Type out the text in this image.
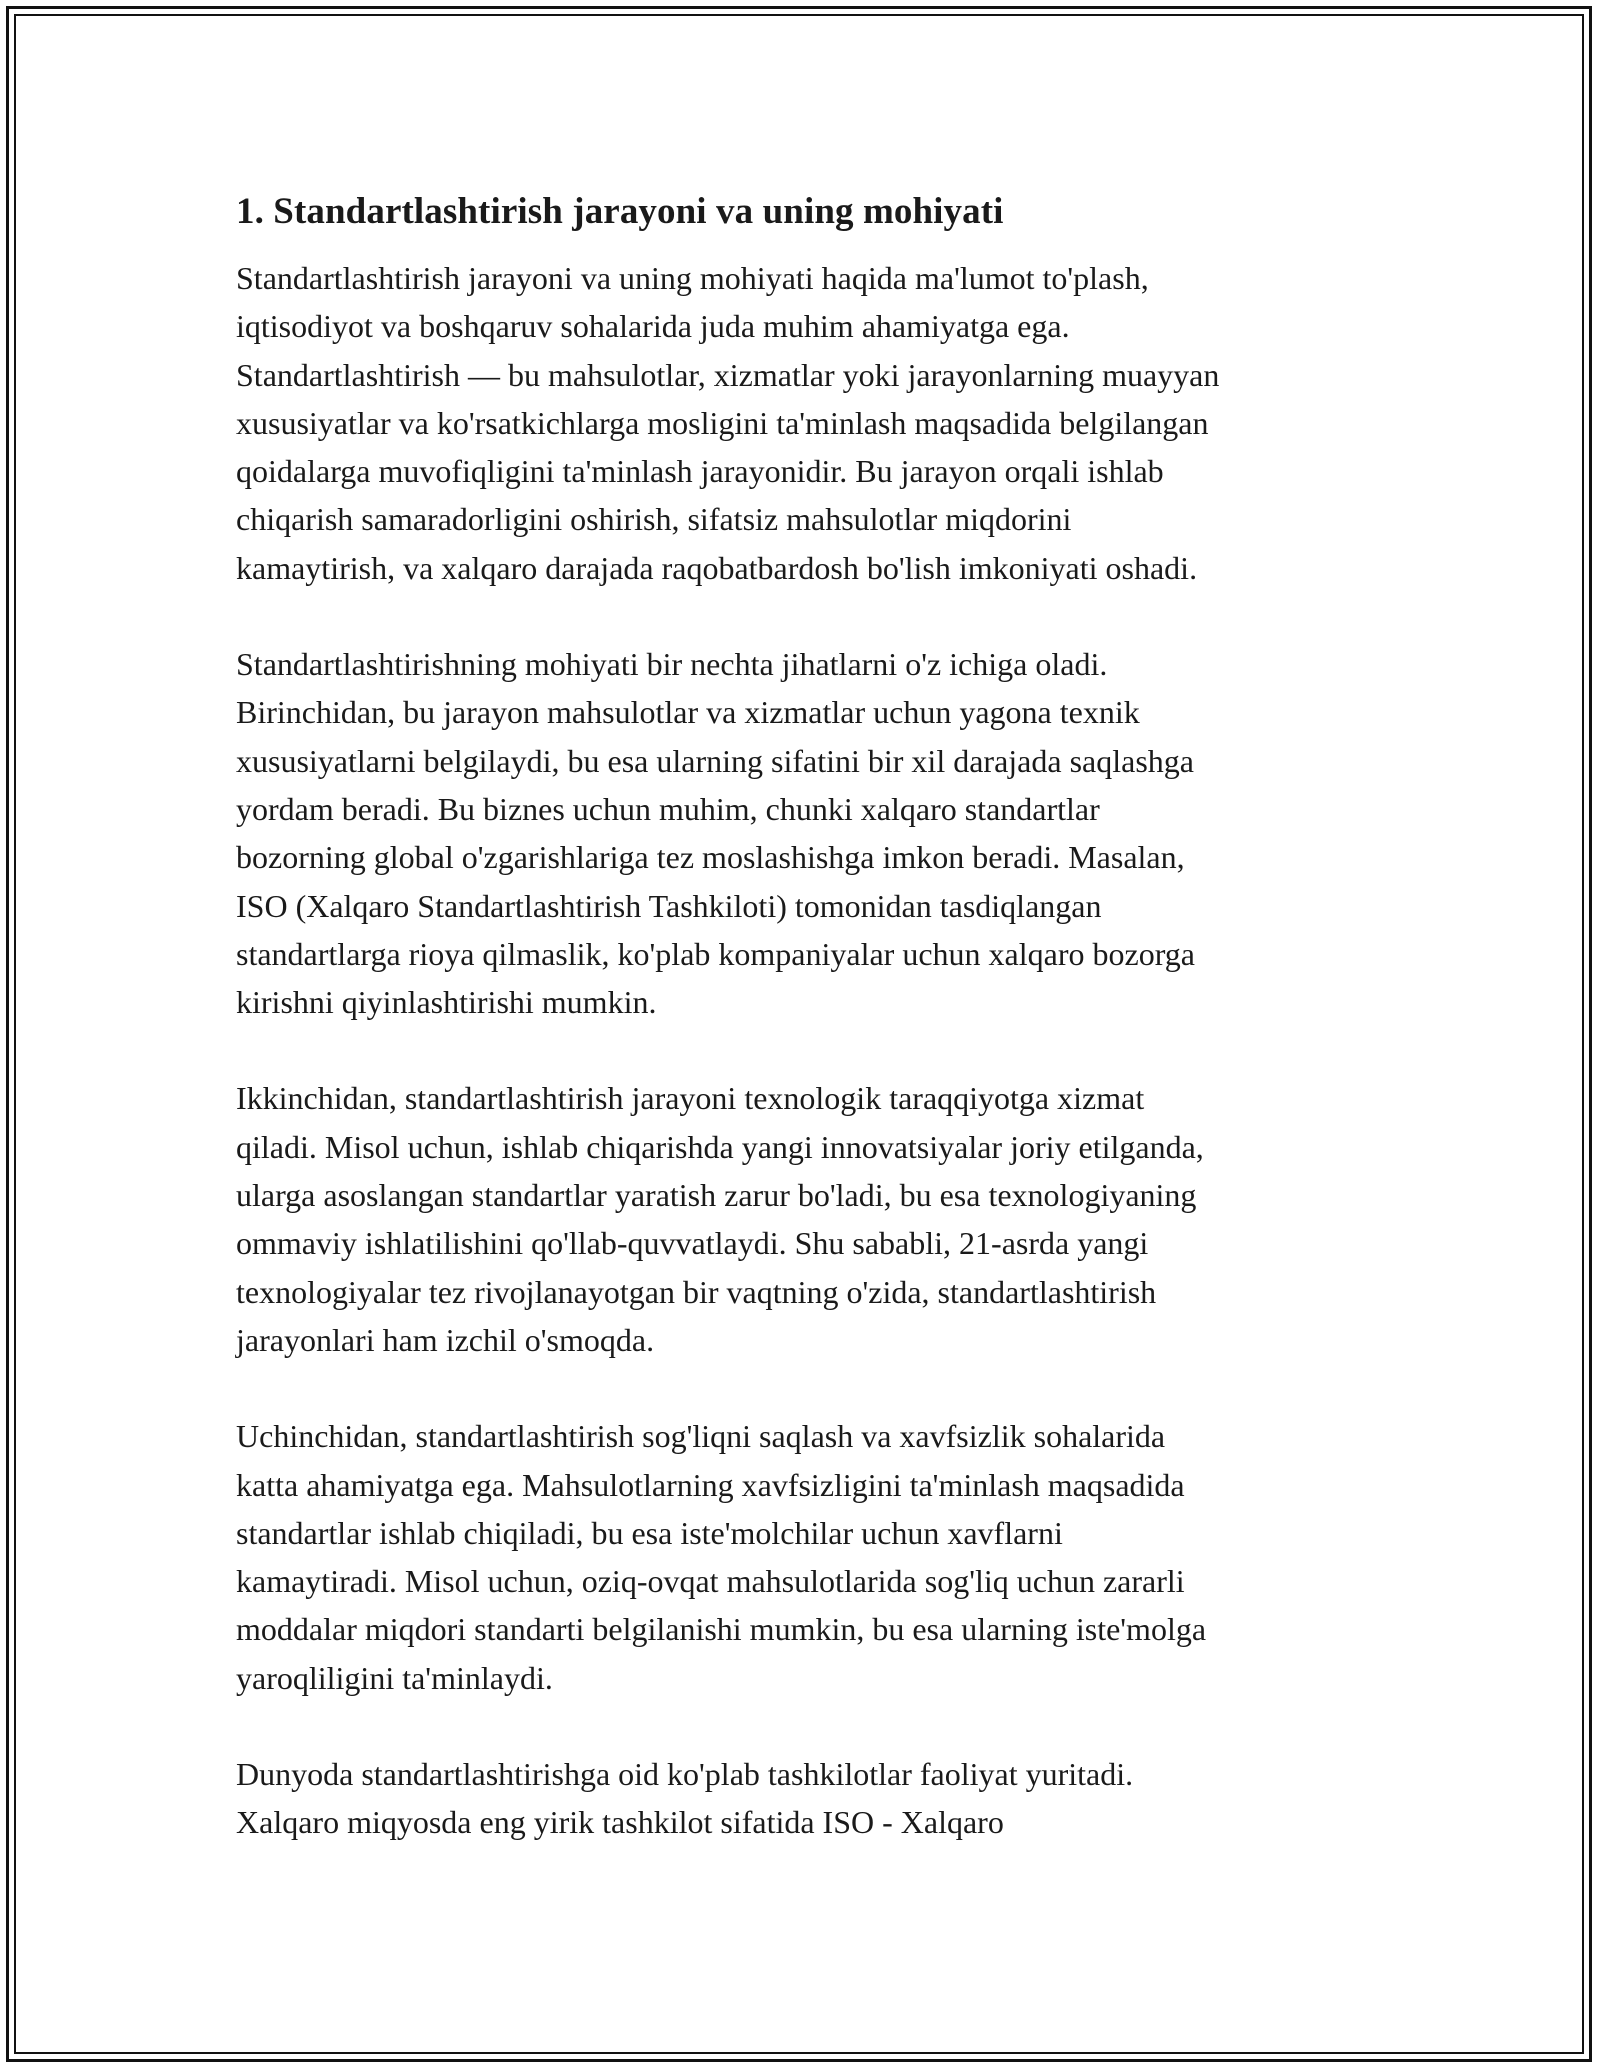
1. Standartlashtirish jarayoni va uning mohiyati
Standartlashtirish jarayoni va uning mohiyati haqida ma'lumot to'plash,
iqtisodiyot va boshqaruv sohalarida juda muhim ahamiyatga ega.
Standartlashtirish — bu mahsulotlar, xizmatlar yoki jarayonlarning muayyan
xususiyatlar va ko'rsatkichlarga mosligini ta'minlash maqsadida belgilangan
qoidalarga muvofiqligini ta'minlash jarayonidir. Bu jarayon orqali ishlab
chiqarish samaradorligini oshirish, sifatsiz mahsulotlar miqdorini
kamaytirish, va xalqaro darajada raqobatbardosh bo'lish imkoniyati oshadi.
Standartlashtirishning mohiyati bir nechta jihatlarni o'z ichiga oladi.
Birinchidan, bu jarayon mahsulotlar va xizmatlar uchun yagona texnik
xususiyatlarni belgilaydi, bu esa ularning sifatini bir xil darajada saqlashga
yordam beradi. Bu biznes uchun muhim, chunki xalqaro standartlar
bozorning global o'zgarishlariga tez moslashishga imkon beradi. Masalan,
ISO (Xalqaro Standartlashtirish Tashkiloti) tomonidan tasdiqlangan
standartlarga rioya qilmaslik, ko'plab kompaniyalar uchun xalqaro bozorga
kirishni qiyinlashtirishi mumkin.
Ikkinchidan, standartlashtirish jarayoni texnologik taraqqiyotga xizmat
qiladi. Misol uchun, ishlab chiqarishda yangi innovatsiyalar joriy etilganda,
ularga asoslangan standartlar yaratish zarur bo'ladi, bu esa texnologiyaning
ommaviy ishlatilishini qo'llab-quvvatlaydi. Shu sababli, 21-asrda yangi
texnologiyalar tez rivojlanayotgan bir vaqtning o'zida, standartlashtirish
jarayonlari ham izchil o'smoqda.
Uchinchidan, standartlashtirish sog'liqni saqlash va xavfsizlik sohalarida
katta ahamiyatga ega. Mahsulotlarning xavfsizligini ta'minlash maqsadida
standartlar ishlab chiqiladi, bu esa iste'molchilar uchun xavflarni
kamaytiradi. Misol uchun, oziq-ovqat mahsulotlarida sog'liq uchun zararli
moddalar miqdori standarti belgilanishi mumkin, bu esa ularning iste'molga
yaroqliligini ta'minlaydi.
Dunyoda standartlashtirishga oid ko'plab tashkilotlar faoliyat yuritadi.
Xalqaro miqyosda eng yirik tashkilot sifatida ISO - Xalqaro
